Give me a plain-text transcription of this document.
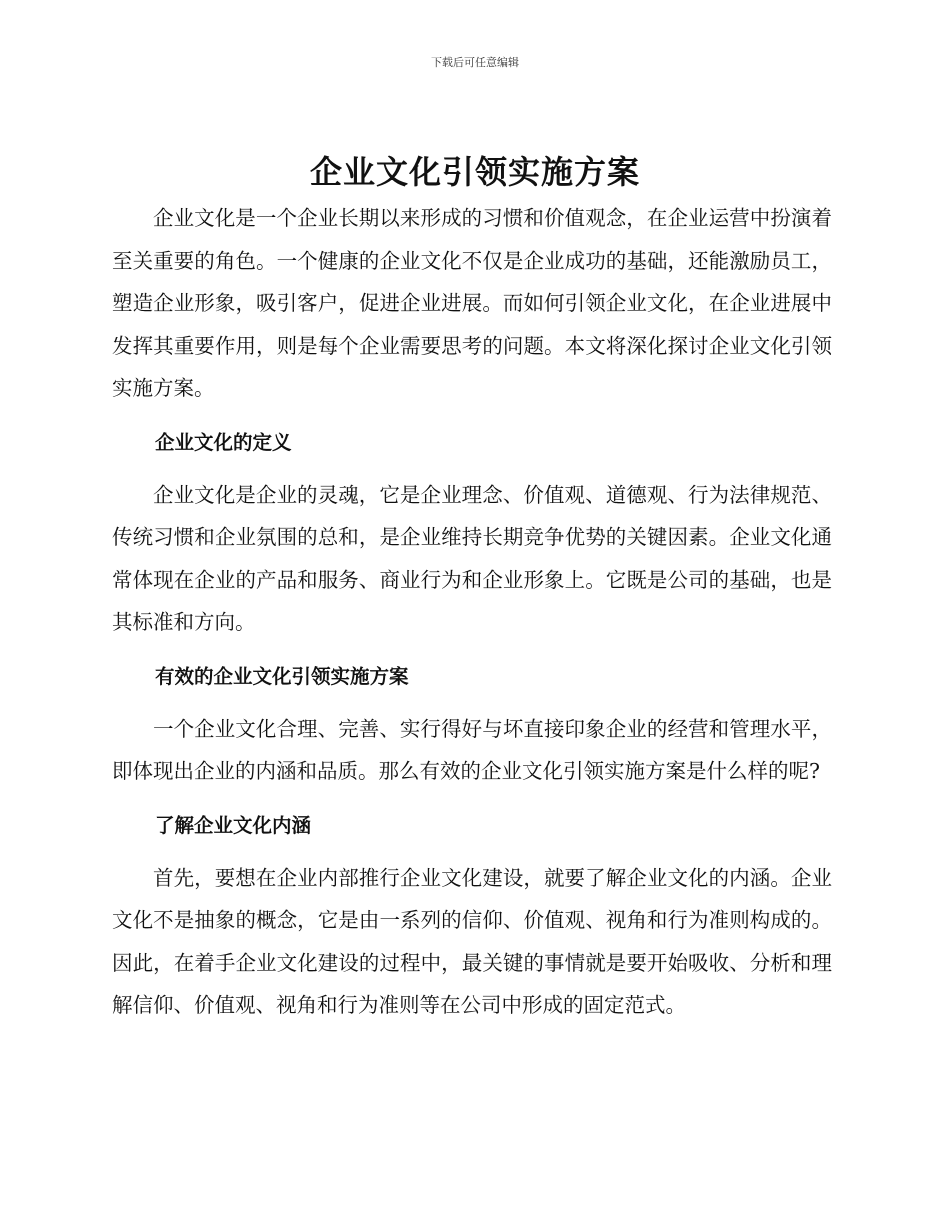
下载后可任意编辑
企业文化引领实施方案

企业文化是一个企业长期以来形成的习惯和价值观念，在企业运营中扮演着至关重要的角色。一个健康的企业文化不仅是企业成功的基础，还能激励员工，塑造企业形象，吸引客户，促进企业进展。而如何引领企业文化，在企业进展中发挥其重要作用，则是每个企业需要思考的问题。本文将深化探讨企业文化引领实施方案。

企业文化的定义

企业文化是企业的灵魂，它是企业理念、价值观、道德观、行为法律规范、传统习惯和企业氛围的总和，是企业维持长期竞争优势的关键因素。企业文化通常体现在企业的产品和服务、商业行为和企业形象上。它既是公司的基础，也是其标准和方向。

有效的企业文化引领实施方案

一个企业文化合理、完善、实行得好与坏直接印象企业的经营和管理水平，即体现出企业的内涵和品质。那么有效的企业文化引领实施方案是什么样的呢?

了解企业文化内涵

首先，要想在企业内部推行企业文化建设，就要了解企业文化的内涵。企业文化不是抽象的概念，它是由一系列的信仰、价值观、视角和行为准则构成的。因此，在着手企业文化建设的过程中，最关键的事情就是要开始吸收、分析和理解信仰、价值观、视角和行为准则等在公司中形成的固定范式。
